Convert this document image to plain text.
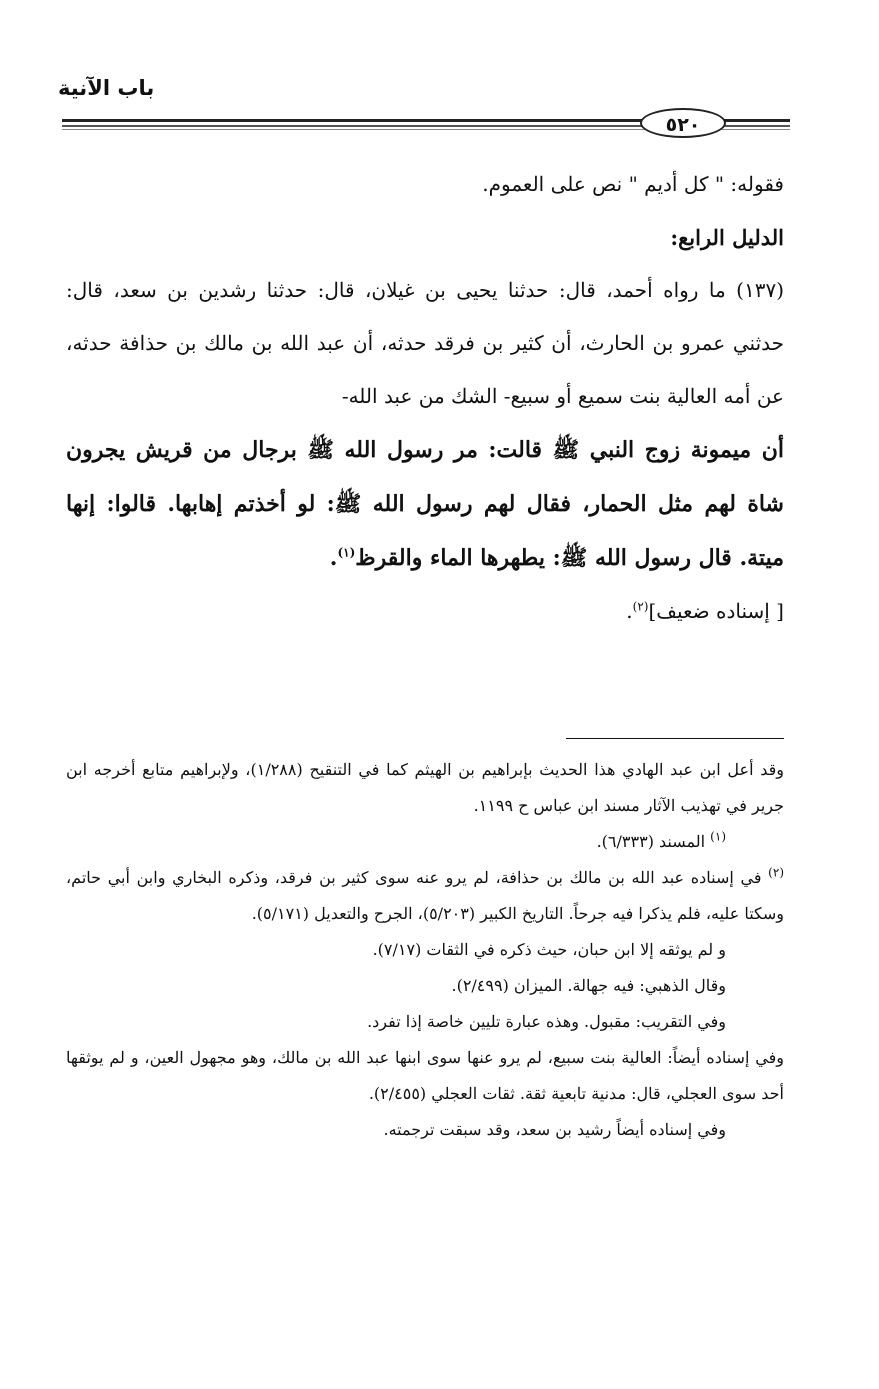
باب الآنية
٥٢٠

فقوله: " كل أديم " نص على العموم.

الدليل الرابع:

(١٣٧) ما رواه أحمد، قال: حدثنا يحيى بن غيلان، قال: حدثنا رشدين بن سعد، قال: حدثني عمرو بن الحارث، أن كثير بن فرقد حدثه، أن عبد الله بن مالك بن حذافة حدثه، عن أمه العالية بنت سميع أو سبيع- الشك من عبد الله-

أن ميمونة زوج النبي ﷺ قالت: مر رسول الله ﷺ برجال من قريش يجرون شاة لهم مثل الحمار، فقال لهم رسول الله ﷺ: لو أخذتم إهابها. قالوا: إنها ميتة. قال رسول الله ﷺ: يطهرها الماء والقرظ$^{(١)}$.

[ إسناده ضعيف]$^{(٢)}$.

وقد أعل ابن عبد الهادي هذا الحديث بإبراهيم بن الهيثم كما في التنقيح (١/٢٨٨)، ولإبراهيم متابع أخرجه ابن جرير في تهذيب الآثار مسند ابن عباس ح ١١٩٩.

$^{(١)}$ المسند (٦/٣٣٣).

$^{(٢)}$ في إسناده عبد الله بن مالك بن حذافة، لم يرو عنه سوى كثير بن فرقد، وذكره البخاري وابن أبي حاتم، وسكتا عليه، فلم يذكرا فيه جرحاً. التاريخ الكبير (٥/٢٠٣)، الجرح والتعديل (٥/١٧١).

و لم يوثقه إلا ابن حبان، حيث ذكره في الثقات (٧/١٧).

وقال الذهبي: فيه جهالة. الميزان (٢/٤٩٩).

وفي التقريب: مقبول. وهذه عبارة تليين خاصة إذا تفرد.

وفي إسناده أيضاً: العالية بنت سبيع، لم يرو عنها سوى ابنها عبد الله بن مالك، وهو مجهول العين، و لم يوثقها أحد سوى العجلي، قال: مدنية تابعية ثقة. ثقات العجلي (٢/٤٥٥).

وفي إسناده أيضاً رشيد بن سعد، وقد سبقت ترجمته.
